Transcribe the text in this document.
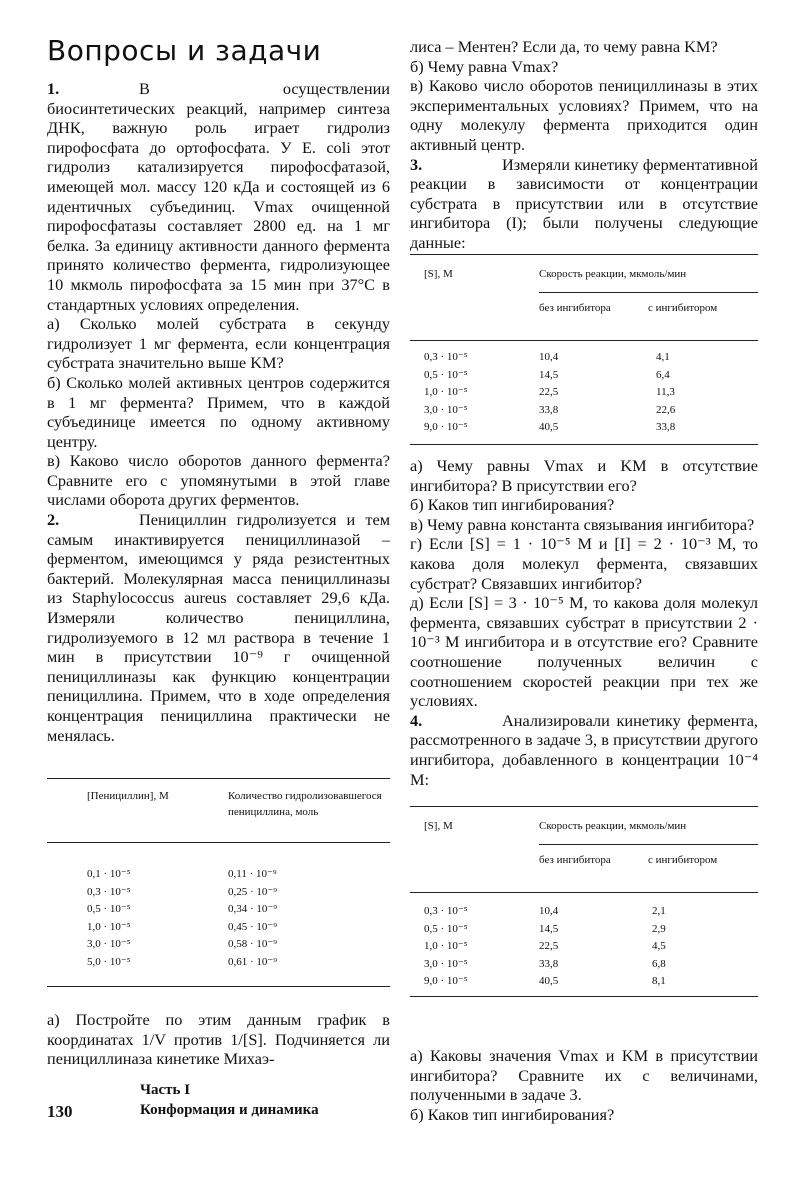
Вопросы и задачи

1.	В осуществлении биосинтетических реакций, например синтеза ДНК, важную роль играет гидролиз пирофосфата до ортофосфата. У E. coli этот гидролиз катализируется пирофосфатазой, имеющей мол. массу 120 кДа и состоящей из 6 идентичных субъединиц. Vmax очищенной пирофосфатазы составляет 2800 ед. на 1 мг белка. За единицу активности данного фермента принято количество фермента, гидролизующее 10 мкмоль пирофосфата за 15 мин при 37°C в стандартных условиях определения.

а) Сколько молей субстрата в секунду гидролизует 1 мг фермента, если концентрация субстрата значительно выше KM?

б) Сколько молей активных центров содержится в 1 мг фермента? Примем, что в каждой субъединице имеется по одному активному центру.

в) Каково число оборотов данного фермента? Сравните его с упомянутыми в этой главе числами оборота других ферментов.

2.	Пенициллин гидролизуется и тем самым инактивируется пенициллиназой – ферментом, имеющимся у ряда резистентных бактерий. Молекулярная масса пенициллиназы из Staphylococcus aureus составляет 29,6 кДа. Измеряли количество пенициллина, гидролизуемого в 12 мл раствора в течение 1 мин в присутствии 10⁻⁹ г очищенной пенициллиназы как функцию концентрации пенициллина. Примем, что в ходе определения концентрация пенициллина практически не менялась.

[Пенициллин], М	Количество гидролизовавшегося пенициллина, моль
0,1 · 10⁻⁵	0,11 · 10⁻⁹
0,3 · 10⁻⁵	0,25 · 10⁻⁹
0,5 · 10⁻⁵	0,34 · 10⁻⁹
1,0 · 10⁻⁵	0,45 · 10⁻⁹
3,0 · 10⁻⁵	0,58 · 10⁻⁹
5,0 · 10⁻⁵	0,61 · 10⁻⁹

а) Постройте по этим данным график в координатах 1/V против 1/[S]. Подчиняется ли пенициллиназа кинетике Михаэ-

лиса – Ментен? Если да, то чему равна KM?

б) Чему равна Vmax?

в) Каково число оборотов пенициллиназы в этих экспериментальных условиях? Примем, что на одну молекулу фермента приходится один активный центр.

3.	Измеряли кинетику ферментативной реакции в зависимости от концентрации субстрата в присутствии или в отсутствие ингибитора (I); были получены следующие данные:

[S], М	Скорость реакции, мкмоль/мин
без ингибитора	с ингибитором
0,3 · 10⁻⁵	10,4	4,1
0,5 · 10⁻⁵	14,5	6,4
1,0 · 10⁻⁵	22,5	11,3
3,0 · 10⁻⁵	33,8	22,6
9,0 · 10⁻⁵	40,5	33,8

а) Чему равны Vmax и KM в отсутствие ингибитора? В присутствии его?

б) Каков тип ингибирования?

в) Чему равна константа связывания ингибитора?

г) Если [S] = 1 · 10⁻⁵ М и [I] = 2 · 10⁻³ М, то какова доля молекул фермента, связавших субстрат? Связавших ингибитор?

д) Если [S] = 3 · 10⁻⁵ М, то какова доля молекул фермента, связавших субстрат в присутствии 2 · 10⁻³ М ингибитора и в отсутствие его? Сравните соотношение полученных величин с соотношением скоростей реакции при тех же условиях.

4.	Анализировали кинетику фермента, рассмотренного в задаче 3, в присутствии другого ингибитора, добавленного в концентрации 10⁻⁴ М:

[S], М	Скорость реакции, мкмоль/мин
без ингибитора	с ингибитором
0,3 · 10⁻⁵	10,4	2,1
0,5 · 10⁻⁵	14,5	2,9
1,0 · 10⁻⁵	22,5	4,5
3,0 · 10⁻⁵	33,8	6,8
9,0 · 10⁻⁵	40,5	8,1

а) Каковы значения Vmax и KM в присутствии ингибитора? Сравните их с величинами, полученными в задаче 3.

б) Каков тип ингибирования?

Часть I
130	Конформация и динамика
